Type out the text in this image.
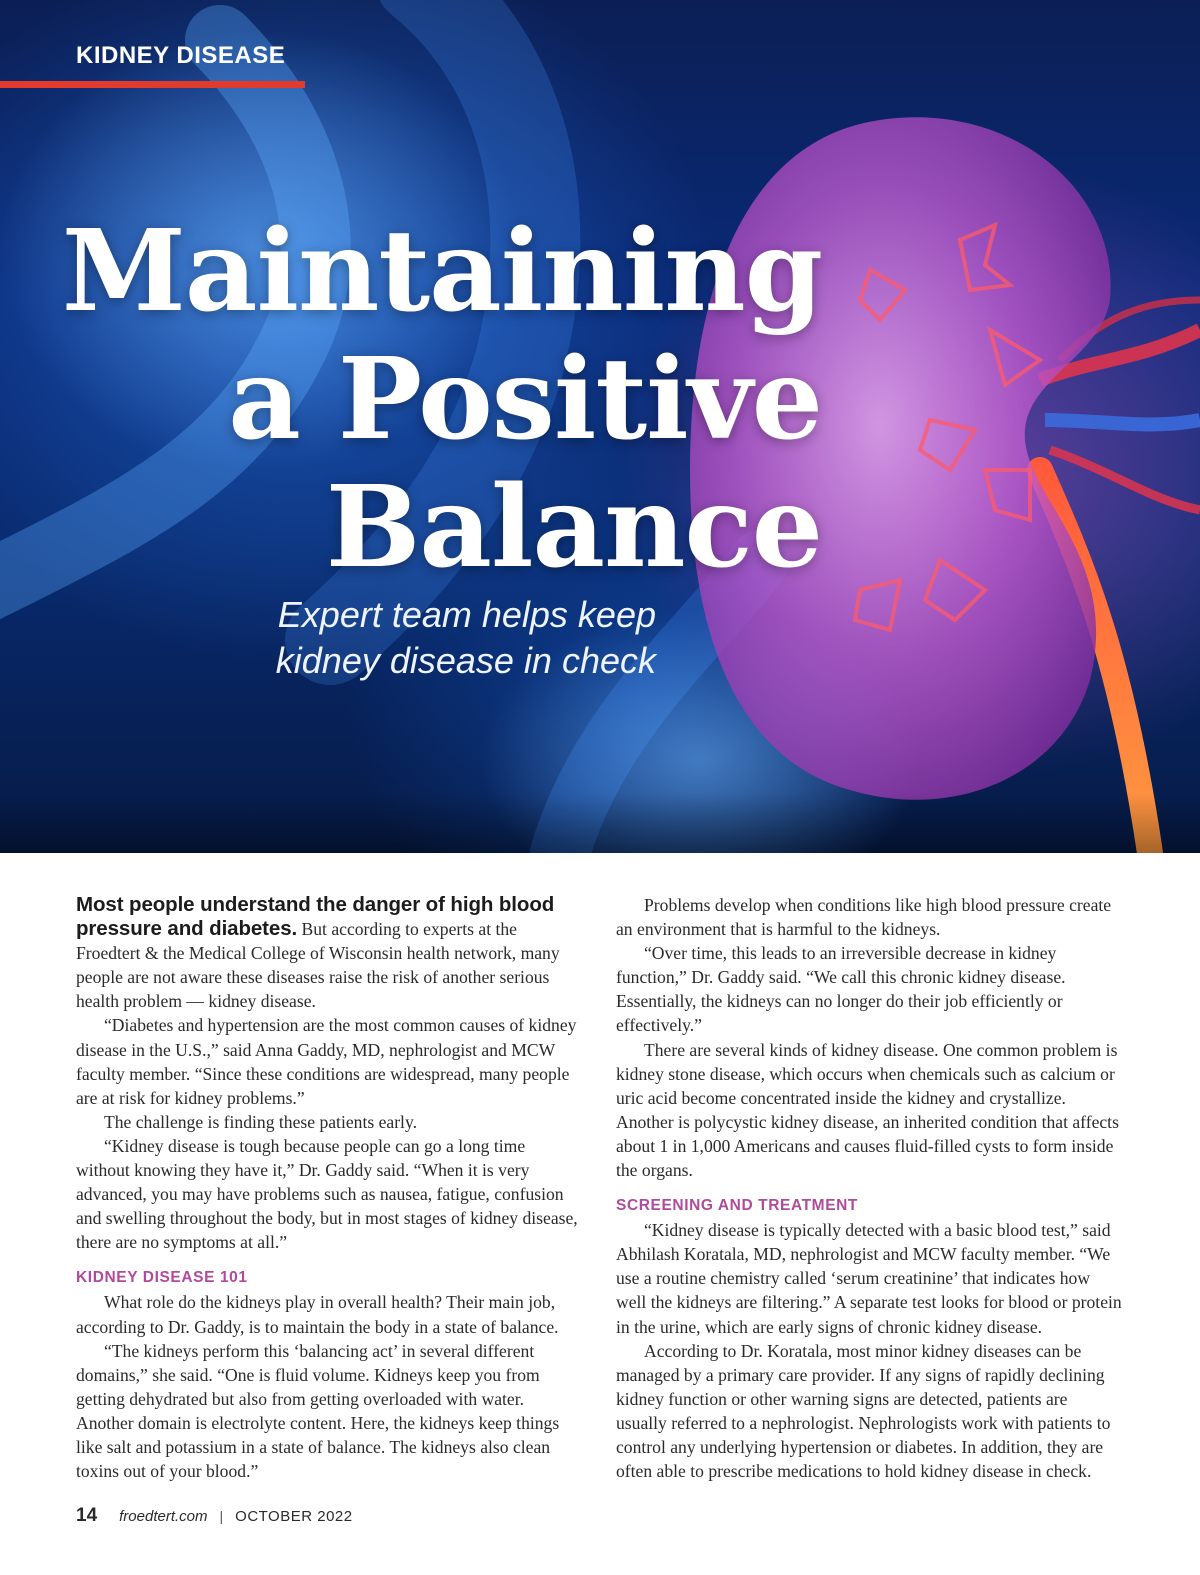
KIDNEY DISEASE
Maintaining
a Positive
Balance
Expert team helps keep
kidney disease in check

Most people understand the danger of high blood pressure and diabetes. But according to experts at the Froedtert & the Medical College of Wisconsin health network, many people are not aware these diseases raise the risk of another serious health problem — kidney disease.

“Diabetes and hypertension are the most common causes of kidney disease in the U.S.,” said Anna Gaddy, MD, nephrologist and MCW faculty member. “Since these conditions are widespread, many people are at risk for kidney problems.”

The challenge is finding these patients early.

“Kidney disease is tough because people can go a long time without knowing they have it,” Dr. Gaddy said. “When it is very advanced, you may have problems such as nausea, fatigue, confusion and swelling throughout the body, but in most stages of kidney disease, there are no symptoms at all.”

KIDNEY DISEASE 101

What role do the kidneys play in overall health? Their main job, according to Dr. Gaddy, is to maintain the body in a state of balance.

“The kidneys perform this ‘balancing act’ in several different domains,” she said. “One is fluid volume. Kidneys keep you from getting dehydrated but also from getting overloaded with water. Another domain is electrolyte content. Here, the kidneys keep things like salt and potassium in a state of balance. The kidneys also clean toxins out of your blood.”

Problems develop when conditions like high blood pressure create an environment that is harmful to the kidneys.

“Over time, this leads to an irreversible decrease in kidney function,” Dr. Gaddy said. “We call this chronic kidney disease. Essentially, the kidneys can no longer do their job efficiently or effectively.”

There are several kinds of kidney disease. One common problem is kidney stone disease, which occurs when chemicals such as calcium or uric acid become concentrated inside the kidney and crystallize. Another is polycystic kidney disease, an inherited condition that affects about 1 in 1,000 Americans and causes fluid-filled cysts to form inside the organs.

SCREENING AND TREATMENT

“Kidney disease is typically detected with a basic blood test,” said Abhilash Koratala, MD, nephrologist and MCW faculty member. “We use a routine chemistry called ‘serum creatinine’ that indicates how well the kidneys are filtering.” A separate test looks for blood or protein in the urine, which are early signs of chronic kidney disease.

According to Dr. Koratala, most minor kidney diseases can be managed by a primary care provider. If any signs of rapidly declining kidney function or other warning signs are detected, patients are usually referred to a nephrologist. Nephrologists work with patients to control any underlying hypertension or diabetes. In addition, they are often able to prescribe medications to hold kidney disease in check.

14 froedtert.com | OCTOBER 2022
